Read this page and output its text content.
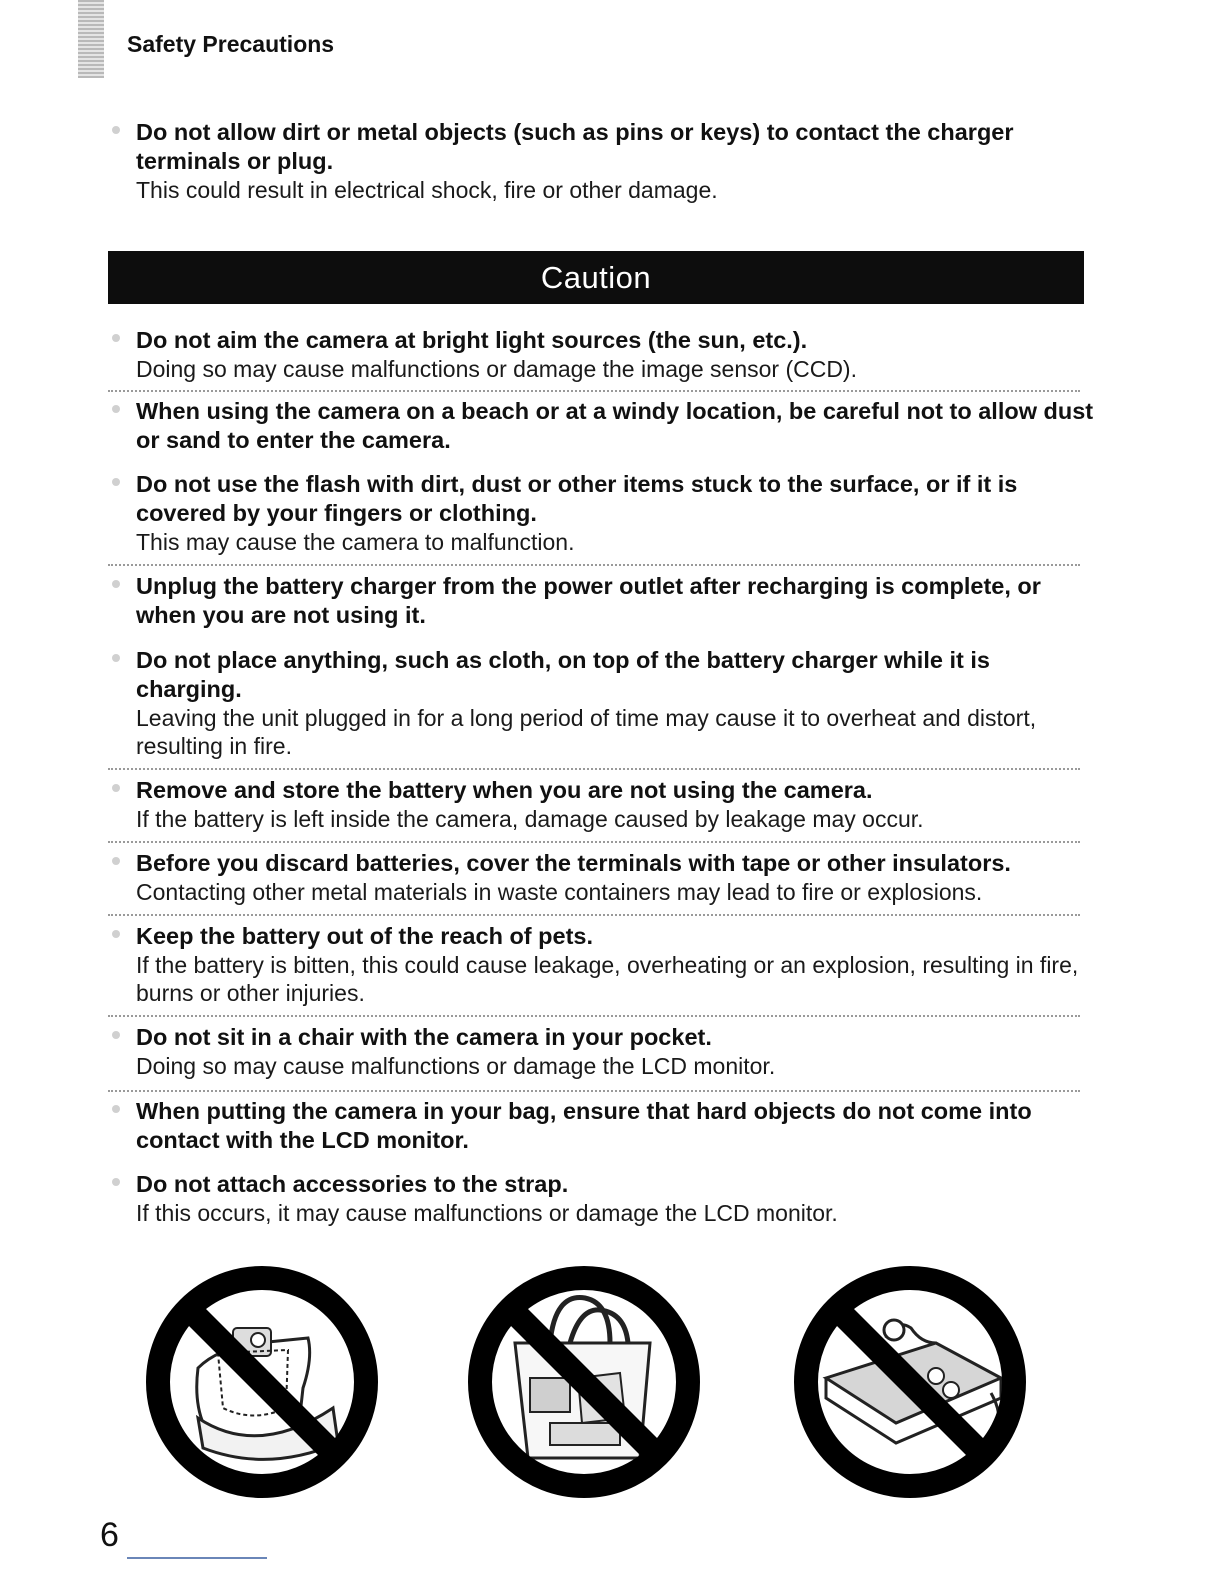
Safety Precautions
Do not allow dirt or metal objects (such as pins or keys) to contact the charger terminals or plug.
This could result in electrical shock, fire or other damage.
Caution
Do not aim the camera at bright light sources (the sun, etc.).
Doing so may cause malfunctions or damage the image sensor (CCD).
When using the camera on a beach or at a windy location, be careful not to allow dust or sand to enter the camera.
Do not use the flash with dirt, dust or other items stuck to the surface, or if it is covered by your fingers or clothing.
This may cause the camera to malfunction.
Unplug the battery charger from the power outlet after recharging is complete, or when you are not using it.
Do not place anything, such as cloth, on top of the battery charger while it is charging.
Leaving the unit plugged in for a long period of time may cause it to overheat and distort, resulting in fire.
Remove and store the battery when you are not using the camera.
If the battery is left inside the camera, damage caused by leakage may occur.
Before you discard batteries, cover the terminals with tape or other insulators.
Contacting other metal materials in waste containers may lead to fire or explosions.
Keep the battery out of the reach of pets.
If the battery is bitten, this could cause leakage, overheating or an explosion, resulting in fire, burns or other injuries.
Do not sit in a chair with the camera in your pocket.
Doing so may cause malfunctions or damage the LCD monitor.
When putting the camera in your bag, ensure that hard objects do not come into contact with the LCD monitor.
Do not attach accessories to the strap.
If this occurs, it may cause malfunctions or damage the LCD monitor.
6
